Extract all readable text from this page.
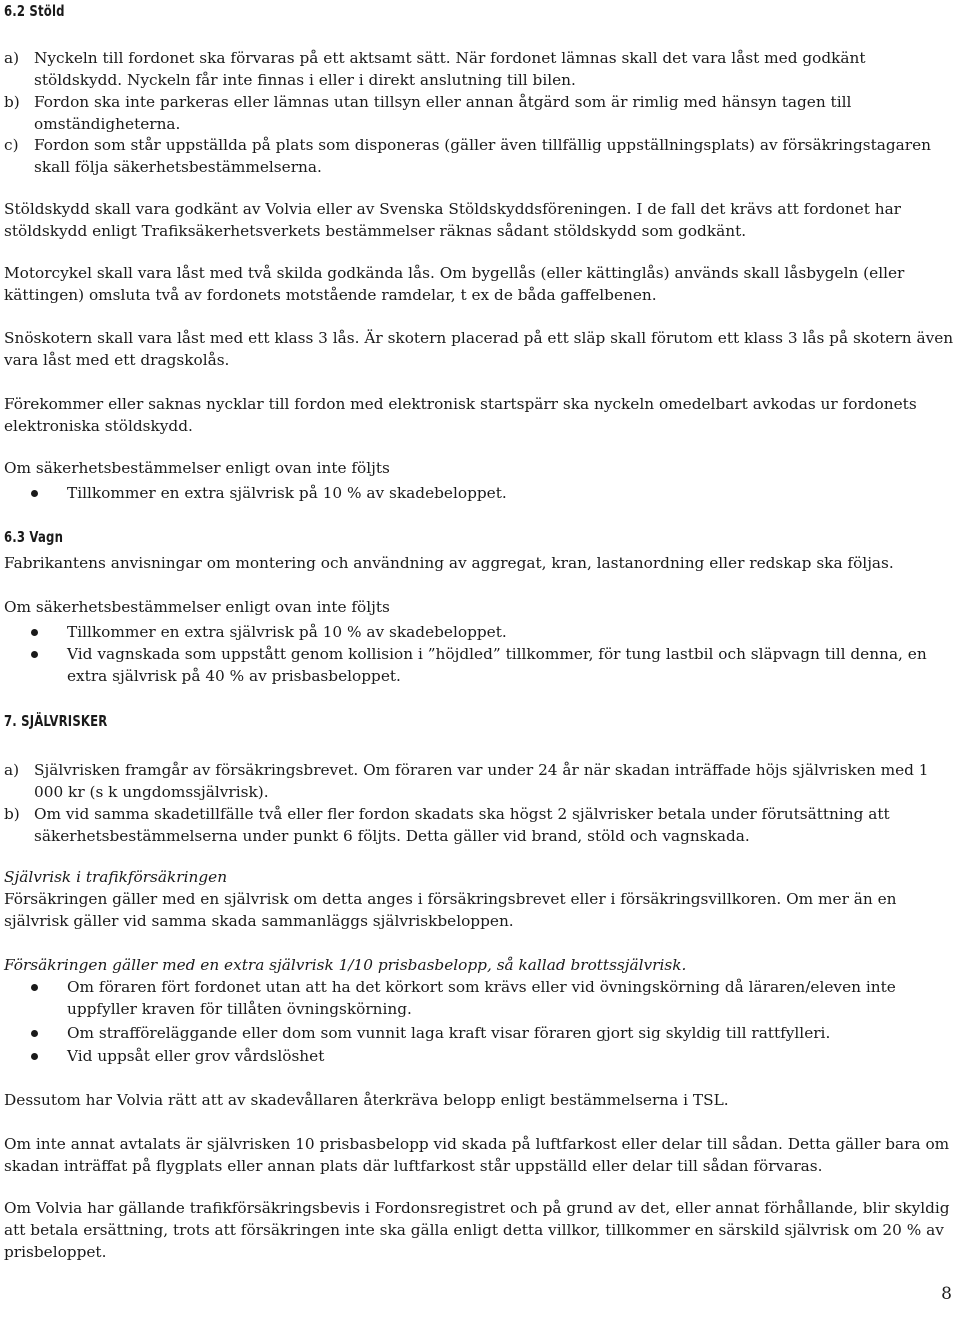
6.2 Stöld
a) Nyckeln till fordonet ska förvaras på ett aktsamt sätt. När fordonet lämnas skall det vara låst med godkänt stöldskydd. Nyckeln får inte finnas i eller i direkt anslutning till bilen.
b) Fordon ska inte parkeras eller lämnas utan tillsyn eller annan åtgärd som är rimlig med hänsyn tagen till omständigheterna.
c)	Fordon som står uppställda på plats som disponeras (gäller även tillfällig uppställningsplats) av försäkringstagaren skall följa säkerhetsbestämmelserna.

Stöldskydd skall vara godkänt av Volvia eller av Svenska Stöldskyddsföreningen. I de fall det krävs att fordonet har stöldskydd enligt Trafiksäkerhetsverkets bestämmelser räknas sådant stöldskydd som godkänt.

Motorcykel skall vara låst med två skilda godkända lås. Om bygellås (eller kättinglås) används skall låsbygeln (eller kättingen) omsluta två av fordonets motstående ramdelar, t ex de båda gaffelbenen.

Snöskotern skall vara låst med ett klass 3 lås. Är skotern placerad på ett släp skall förutom ett klass 3 lås på skotern även vara låst med ett dragskolås.

Förekommer eller saknas nycklar till fordon med elektronisk startspärr ska nyckeln omedelbart avkodas ur fordonets elektroniska stöldskydd.

Om säkerhetsbestämmelser enligt ovan inte följts

Tillkommer en extra självrisk på 10 % av skadebeloppet.
6.3 Vagn

Fabrikantens anvisningar om montering och användning av aggregat, kran, lastanordning eller redskap ska följas.

Om säkerhetsbestämmelser enligt ovan inte följts

Tillkommer en extra självrisk på 10 % av skadebeloppet.
Vid vagnskada som uppstått genom kollision i ”höjdled” tillkommer, för tung lastbil och släpvagn till denna, en extra självrisk på 40 % av prisbasbeloppet.
7. SJÄLVRISKER
a) Självrisken framgår av försäkringsbrevet. Om föraren var under 24 år när skadan inträffade höjs självrisken med 1 000 kr (s k ungdomssjälvrisk).
b) Om vid samma skadetillfälle två eller fler fordon skadats ska högst 2 självrisker betala under förutsättning att säkerhetsbestämmelserna under punkt 6 följts. Detta gäller vid brand, stöld och vagnskada.

Självrisk i trafikförsäkringen

Försäkringen gäller med en självrisk om detta anges i försäkringsbrevet eller i försäkringsvillkoren. Om mer än en självrisk gäller vid samma skada sammanläggs självriskbeloppen.

Försäkringen gäller med en extra självrisk 1/10 prisbasbelopp, så kallad brottssjälvrisk.

Om föraren fört fordonet utan att ha det körkort som krävs eller vid övningskörning då läraren/eleven inte uppfyller kraven för tillåten övningskörning.
Om strafföreläggande eller dom som vunnit laga kraft visar föraren gjort sig skyldig till rattfylleri.
Vid uppsåt eller grov vårdslöshet

Dessutom har Volvia rätt att av skadevållaren återkräva belopp enligt bestämmelserna i TSL.

Om inte annat avtalats är självrisken 10 prisbasbelopp vid skada på luftfarkost eller delar till sådan. Detta gäller bara om skadan inträffat på flygplats eller annan plats där luftfarkost står uppställd eller delar till sådan förvaras.

Om Volvia har gällande trafikförsäkringsbevis i Fordonsregistret och på grund av det, eller annat förhållande, blir skyldig att betala ersättning, trots att försäkringen inte ska gälla enligt detta villkor, tillkommer en särskild självrisk om 20 % av prisbeloppet.

8
